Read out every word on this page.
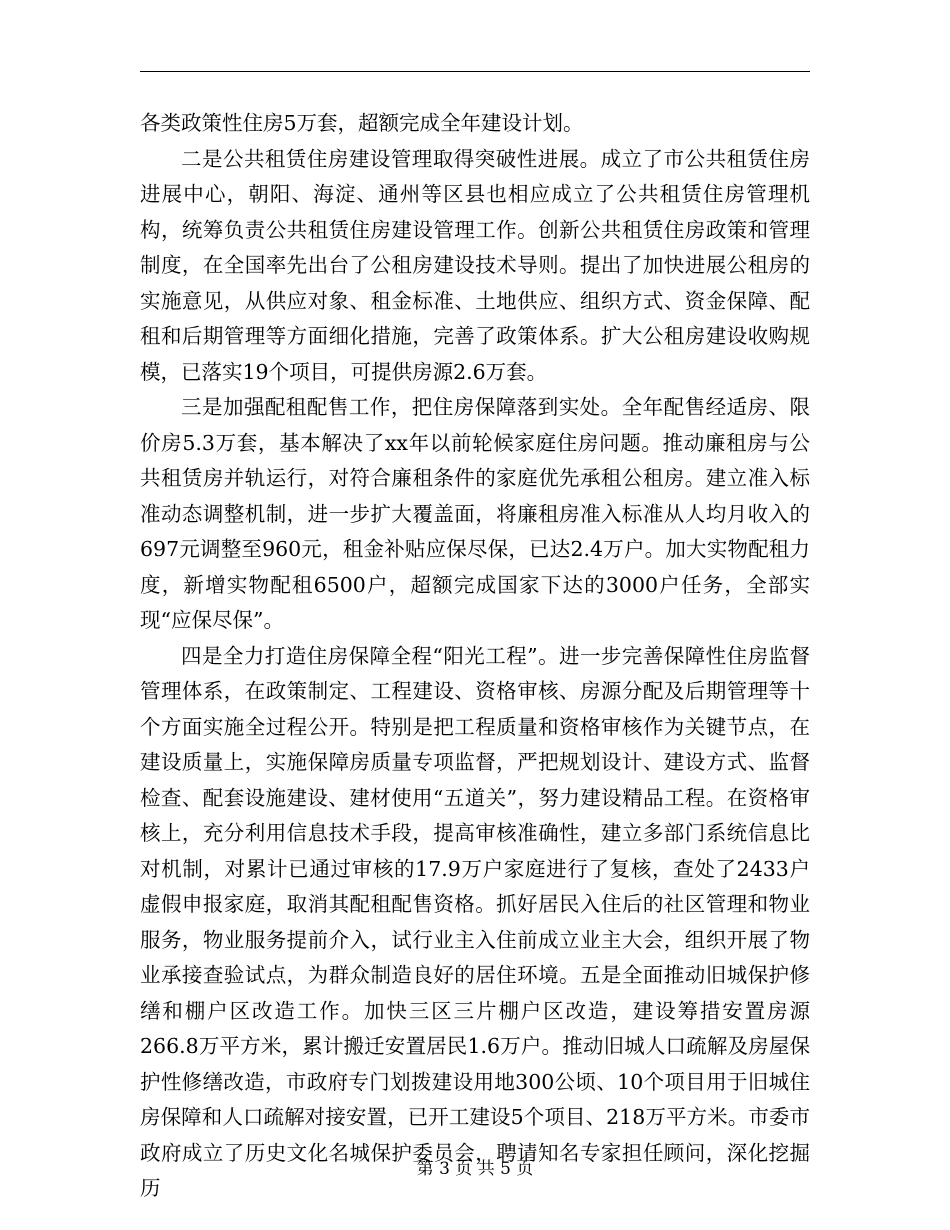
各类政策性住房5万套，超额完成全年建设计划。

二是公共租赁住房建设管理取得突破性进展。成立了市公共租赁住房进展中心，朝阳、海淀、通州等区县也相应成立了公共租赁住房管理机构，统筹负责公共租赁住房建设管理工作。创新公共租赁住房政策和管理制度，在全国率先出台了公租房建设技术导则。提出了加快进展公租房的实施意见，从供应对象、租金标准、土地供应、组织方式、资金保障、配租和后期管理等方面细化措施，完善了政策体系。扩大公租房建设收购规模，已落实19个项目，可提供房源2.6万套。

三是加强配租配售工作，把住房保障落到实处。全年配售经适房、限价房5.3万套，基本解决了xx年以前轮候家庭住房问题。推动廉租房与公共租赁房并轨运行，对符合廉租条件的家庭优先承租公租房。建立准入标准动态调整机制，进一步扩大覆盖面，将廉租房准入标准从人均月收入的697元调整至960元，租金补贴应保尽保，已达2.4万户。加大实物配租力度，新增实物配租6500户，超额完成国家下达的3000户任务，全部实现“应保尽保”。

四是全力打造住房保障全程“阳光工程”。进一步完善保障性住房监督管理体系，在政策制定、工程建设、资格审核、房源分配及后期管理等十个方面实施全过程公开。特别是把工程质量和资格审核作为关键节点，在建设质量上，实施保障房质量专项监督，严把规划设计、建设方式、监督检查、配套设施建设、建材使用“五道关”，努力建设精品工程。在资格审核上，充分利用信息技术手段，提高审核准确性，建立多部门系统信息比对机制，对累计已通过审核的17.9万户家庭进行了复核，查处了2433户虚假申报家庭，取消其配租配售资格。抓好居民入住后的社区管理和物业服务，物业服务提前介入，试行业主入住前成立业主大会，组织开展了物业承接查验试点，为群众制造良好的居住环境。五是全面推动旧城保护修缮和棚户区改造工作。加快三区三片棚户区改造，建设筹措安置房源266.8万平方米，累计搬迁安置居民1.6万户。推动旧城人口疏解及房屋保护性修缮改造，市政府专门划拨建设用地300公顷、10个项目用于旧城住房保障和人口疏解对接安置，已开工建设5个项目、218万平方米。市委市政府成立了历史文化名城保护委员会，聘请知名专家担任顾问，深化挖掘历

第 3 页 共 5 页
